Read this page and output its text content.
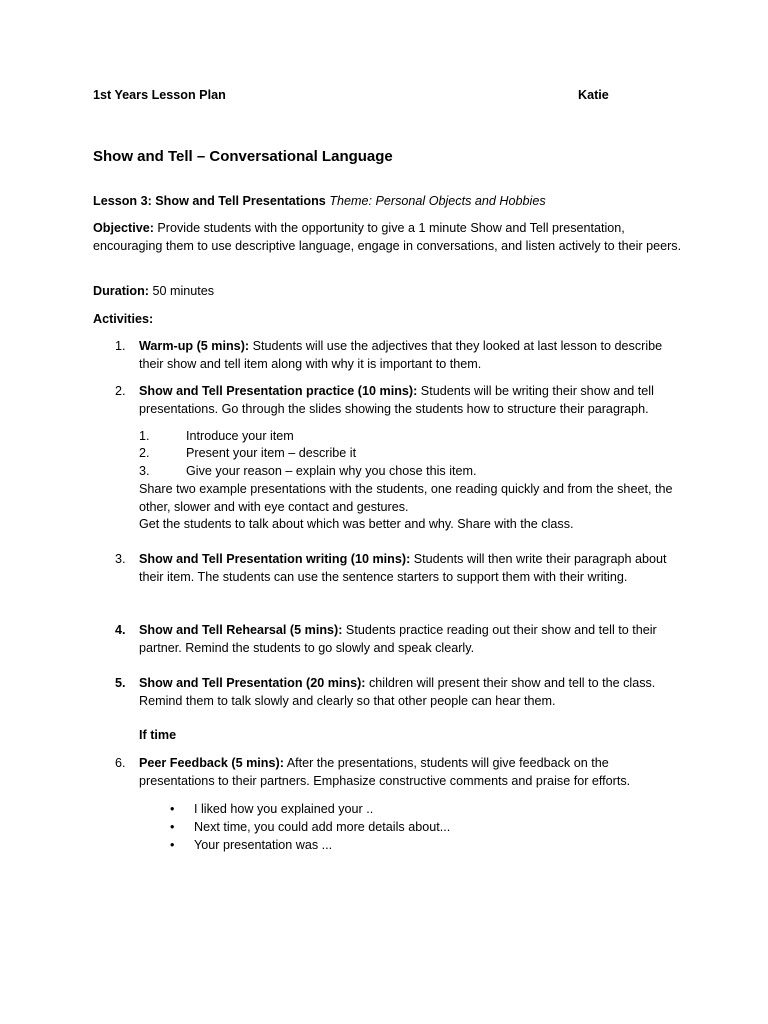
1st Years Lesson Plan	Katie
Show and Tell – Conversational Language
Lesson 3: Show and Tell Presentations Theme: Personal Objects and Hobbies
Objective: Provide students with the opportunity to give a 1 minute Show and Tell presentation, encouraging them to use descriptive language, engage in conversations, and listen actively to their peers.
Duration: 50 minutes
Activities:
1.	Warm-up (5 mins): Students will use the adjectives that they looked at last lesson to describe their show and tell item along with why it is important to them.
2.	Show and Tell Presentation practice (10 mins): Students will be writing their show and tell presentations. Go through the slides showing the students how to structure their paragraph.
1.	Introduce your item
2.	Present your item – describe it
3.	Give your reason – explain why you chose this item.
Share two example presentations with the students, one reading quickly and from the sheet, the other, slower and with eye contact and gestures.
Get the students to talk about which was better and why. Share with the class.
3.	Show and Tell Presentation writing (10 mins): Students will then write their paragraph about their item. The students can use the sentence starters to support them with their writing.
4.	Show and Tell Rehearsal (5 mins): Students practice reading out their show and tell to their partner. Remind the students to go slowly and speak clearly.
5.	Show and Tell Presentation (20 mins): children will present their show and tell to the class. Remind them to talk slowly and clearly so that other people can hear them.
If time
6.	Peer Feedback (5 mins): After the presentations, students will give feedback on the presentations to their partners. Emphasize constructive comments and praise for efforts.
• I liked how you explained your ..
• Next time, you could add more details about...
• Your presentation was ...
